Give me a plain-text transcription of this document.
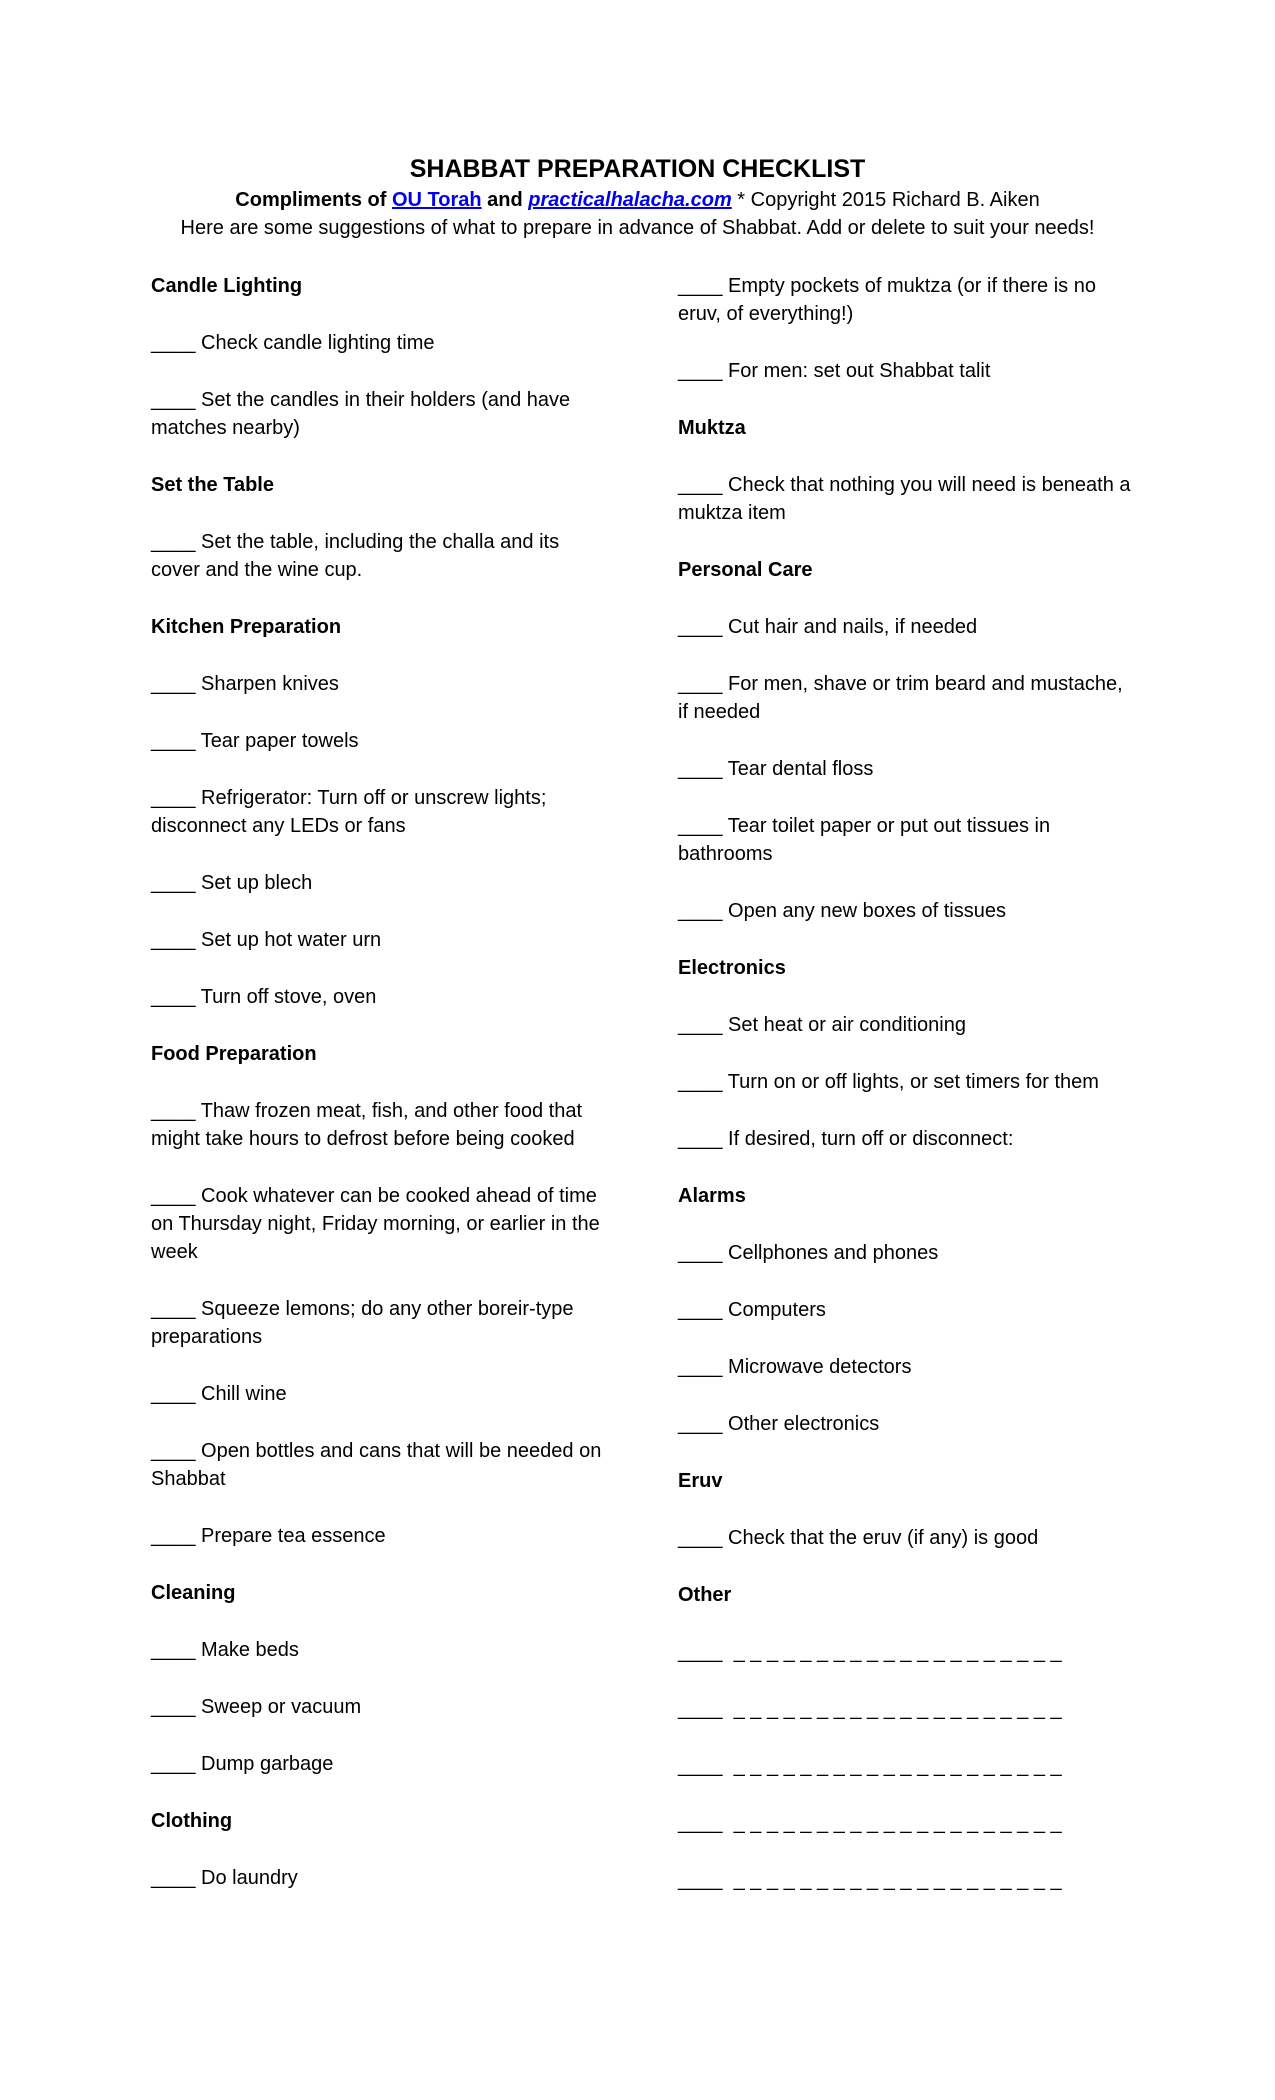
SHABBAT PREPARATION CHECKLIST
Compliments of OU Torah and practicalhalacha.com * Copyright 2015 Richard B. Aiken
Here are some suggestions of what to prepare in advance of Shabbat. Add or delete to suit your needs!
Candle Lighting
____ Check candle lighting time
____ Set the candles in their holders (and have matches nearby)
Set the Table
____ Set the table, including the challa and its cover and the wine cup.
Kitchen Preparation
____ Sharpen knives
____ Tear paper towels
____ Refrigerator: Turn off or unscrew lights; disconnect any LEDs or fans
____ Set up blech
____ Set up hot water urn
____ Turn off stove, oven
Food Preparation
____ Thaw frozen meat, fish, and other food that might take hours to defrost before being cooked
____ Cook whatever can be cooked ahead of time on Thursday night, Friday morning, or earlier in the week
____ Squeeze lemons; do any other boreir-type preparations
____ Chill wine
____ Open bottles and cans that will be needed on Shabbat
____ Prepare tea essence
Cleaning
____ Make beds
____ Sweep or vacuum
____ Dump garbage
Clothing
____ Do laundry
____ Empty pockets of muktza (or if there is no eruv, of everything!)
____ For men: set out Shabbat talit
Muktza
____ Check that nothing you will need is beneath a muktza item
Personal Care
____ Cut hair and nails, if needed
____ For men, shave or trim beard and mustache, if needed
____ Tear dental floss
____ Tear toilet paper or put out tissues in bathrooms
____ Open any new boxes of tissues
Electronics
____ Set heat or air conditioning
____ Turn on or off lights, or set timers for them
____ If desired, turn off or disconnect:
Alarms
____ Cellphones and phones
____ Computers
____ Microwave detectors
____ Other electronics
Eruv
____ Check that the eruv (if any) is good
Other
____  _ _ _ _ _ _ _ _ _ _ _ _ _ _ _ _ _ _ _ _
____  _ _ _ _ _ _ _ _ _ _ _ _ _ _ _ _ _ _ _ _
____  _ _ _ _ _ _ _ _ _ _ _ _ _ _ _ _ _ _ _ _
____  _ _ _ _ _ _ _ _ _ _ _ _ _ _ _ _ _ _ _ _
____  _ _ _ _ _ _ _ _ _ _ _ _ _ _ _ _ _ _ _ _
